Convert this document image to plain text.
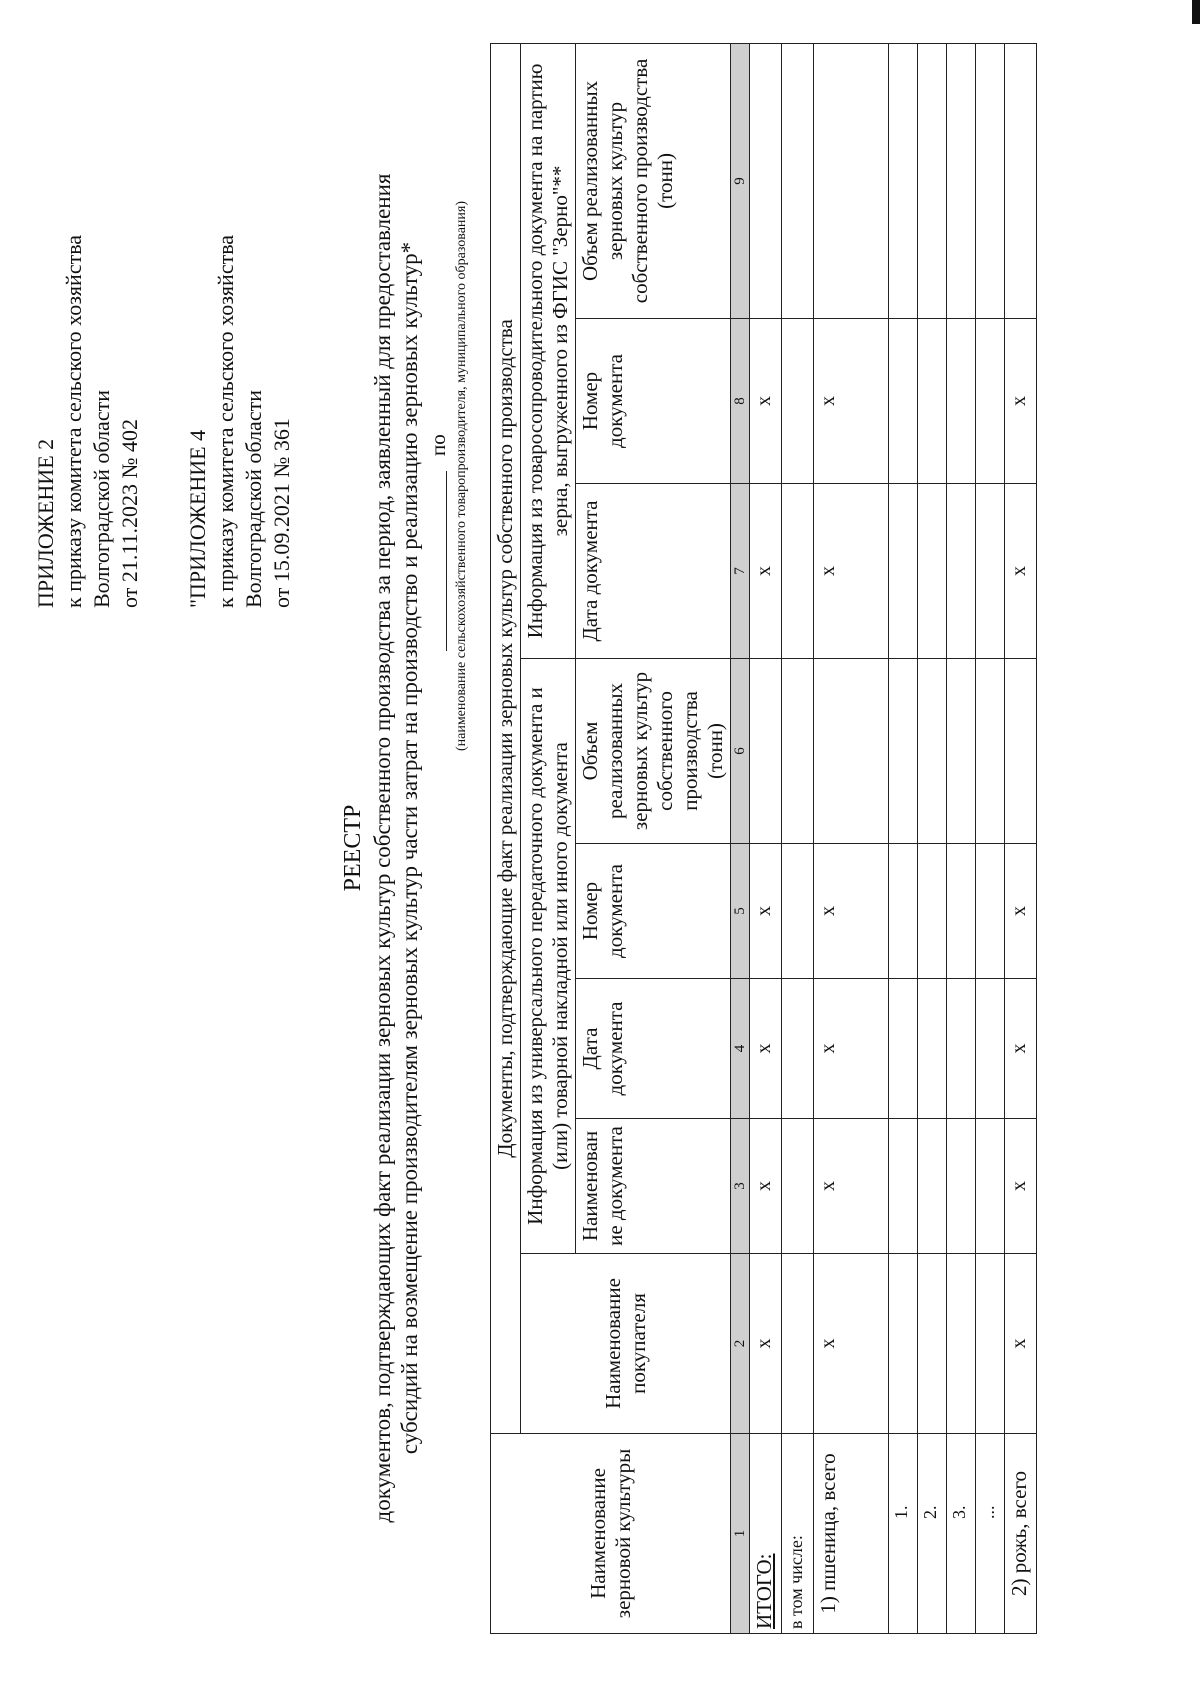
ПРИЛОЖЕНИЕ 2 к приказу комитета сельского хозяйства Волгоградской области от 21.11.2023 № 402 "ПРИЛОЖЕНИЕ 4 к приказу комитета сельского хозяйства Волгоградской области от 15.09.2021 № 361
РЕЕСТР документов, подтверждающих факт реализации зерновых культур собственного производства за период, заявленный для предоставления субсидий на возмещение производителям зерновых культур части затрат на производство и реализацию зерновых культур* по (наименование сельскохозяйственного товаропроизводителя, муниципального образования)
Наименование зерновой культуры	Документы, подтверждающие факт реализации зерновых культур собственного производства							
	Наименование покупателя	Информация из универсального передаточного документа и (или) товарной накладной или иного документа				Информация из товаросопроводительного документа на партию зерна, выгруженного из ФГИС "Зерно"**		
		Наименован ие документа	Дата документа	Номер документа	Объем реализованных зерновых культур собственного производства (тонн)	Дата документа	Номер документа	Объем реализованных зерновых культур собственного производства (тонн)
1	2	3	4	5	6	7	8	9
ИТОГО:	х	х	х	х		х	х	
в том числе:								
1) пшеница, всего	х	х	х	х		х	х	
1.								
2.								
3.								
...								
2) рожь, всего	х	х	х	х		х	х	
